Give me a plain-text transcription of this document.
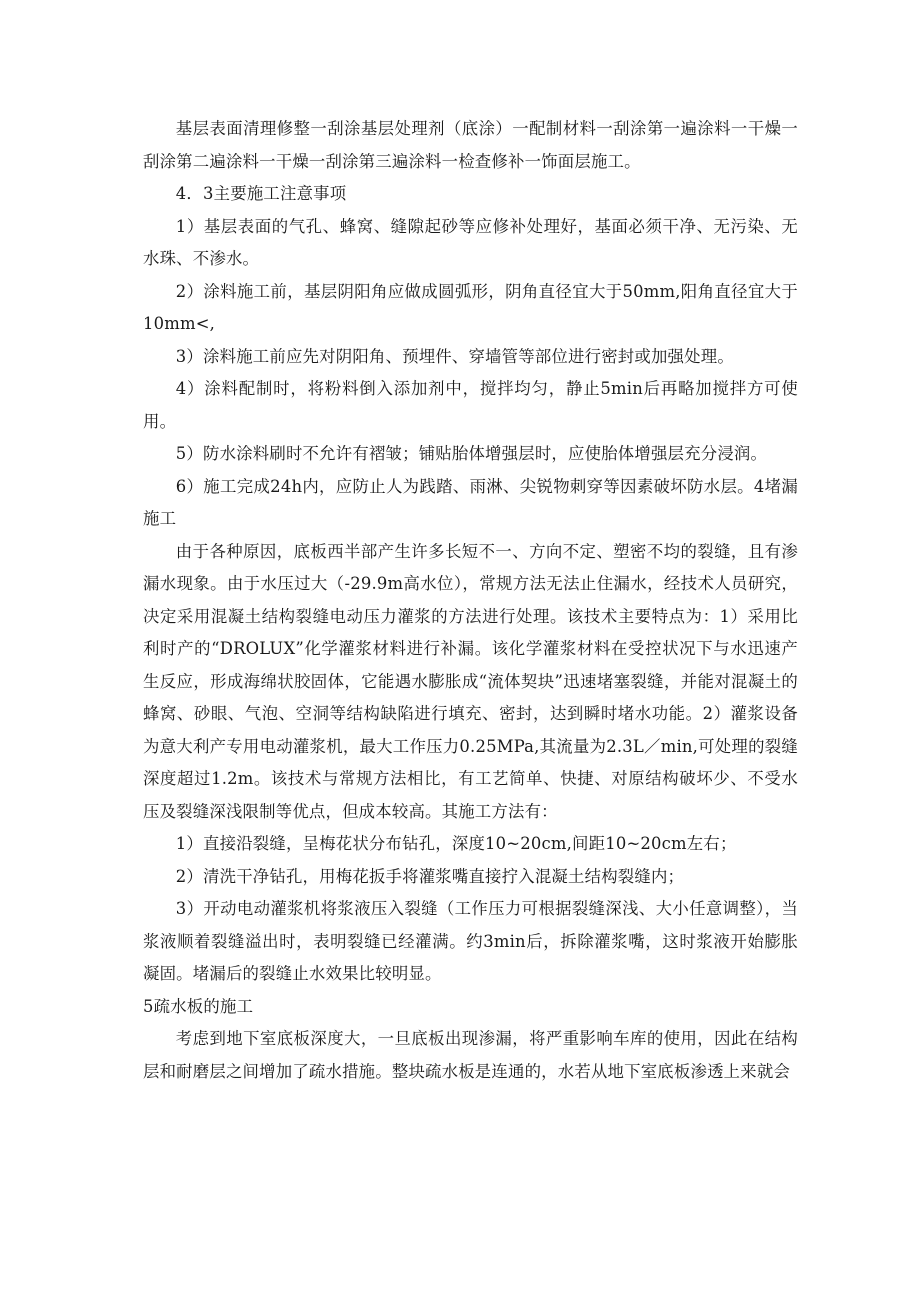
基层表面清理修整一刮涂基层处理剂（底涂）一配制材料一刮涂第一遍涂料一干燥一刮涂第二遍涂料一干燥一刮涂第三遍涂料一检查修补一饰面层施工。

4．3主要施工注意事项

1）基层表面的气孔、蜂窝、缝隙起砂等应修补处理好，基面必须干净、无污染、无水珠、不渗水。

2）涂料施工前，基层阴阳角应做成圆弧形，阴角直径宜大于50mm,阳角直径宜大于10mm<,

3）涂料施工前应先对阴阳角、预埋件、穿墙管等部位进行密封或加强处理。

4）涂料配制时，将粉料倒入添加剂中，搅拌均匀，静止5min后再略加搅拌方可使用。

5）防水涂料刷时不允许有褶皱；铺贴胎体增强层时，应使胎体增强层充分浸润。

6）施工完成24h内，应防止人为践踏、雨淋、尖锐物刺穿等因素破坏防水层。4堵漏施工

由于各种原因，底板西半部产生许多长短不一、方向不定、塑密不均的裂缝，且有渗漏水现象。由于水压过大（-29.9m高水位），常规方法无法止住漏水，经技术人员研究，决定采用混凝土结构裂缝电动压力灌浆的方法进行处理。该技术主要特点为：1）采用比利时产的“DROLUX”化学灌浆材料进行补漏。该化学灌浆材料在受控状况下与水迅速产生反应，形成海绵状胶固体，它能遇水膨胀成“流体契块”迅速堵塞裂缝，并能对混凝土的蜂窝、砂眼、气泡、空洞等结构缺陷进行填充、密封，达到瞬时堵水功能。2）灌浆设备为意大利产专用电动灌浆机，最大工作压力0.25MPa,其流量为2.3L／min,可处理的裂缝深度超过1.2m。该技术与常规方法相比，有工艺简单、快捷、对原结构破坏少、不受水压及裂缝深浅限制等优点，但成本较高。其施工方法有：

1）直接沿裂缝，呈梅花状分布钻孔，深度10~20cm,间距10~20cm左右；

2）清洗干净钻孔，用梅花扳手将灌浆嘴直接拧入混凝土结构裂缝内；

3）开动电动灌浆机将浆液压入裂缝（工作压力可根据裂缝深浅、大小任意调整），当浆液顺着裂缝溢出时，表明裂缝已经灌满。约3min后，拆除灌浆嘴，这时浆液开始膨胀凝固。堵漏后的裂缝止水效果比较明显。

5疏水板的施工

考虑到地下室底板深度大，一旦底板出现渗漏，将严重影响车库的使用，因此在结构层和耐磨层之间增加了疏水措施。整块疏水板是连通的，水若从地下室底板渗透上来就会
